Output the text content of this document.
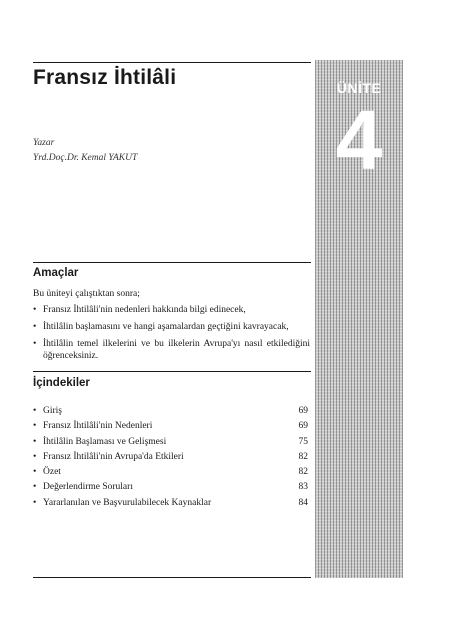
ÜNİTE
4
Fransız İhtilâli
Yazar
Yrd.Doç.Dr. Kemal YAKUT
Amaçlar
Bu üniteyi çalıştıktan sonra;
• Fransız İhtilâli'nin nedenleri hakkında bilgi edinecek,
• İhtilâlin başlamasını ve hangi aşamalardan geçtiğini kavrayacak,
• İhtilâlin temel ilkelerini ve bu ilkelerin Avrupa'yı nasıl etkilediğini öğrenceksiniz.
İçindekiler
• Giriş	69
• Fransız İhtilâli'nin Nedenleri	69
• İhtilâlin Başlaması ve Gelişmesi	75
• Fransız İhtilâli'nin Avrupa'da Etkileri	82
• Özet	82
• Değerlendirme Soruları	83
• Yararlanılan ve Başvurulabilecek Kaynaklar	84
